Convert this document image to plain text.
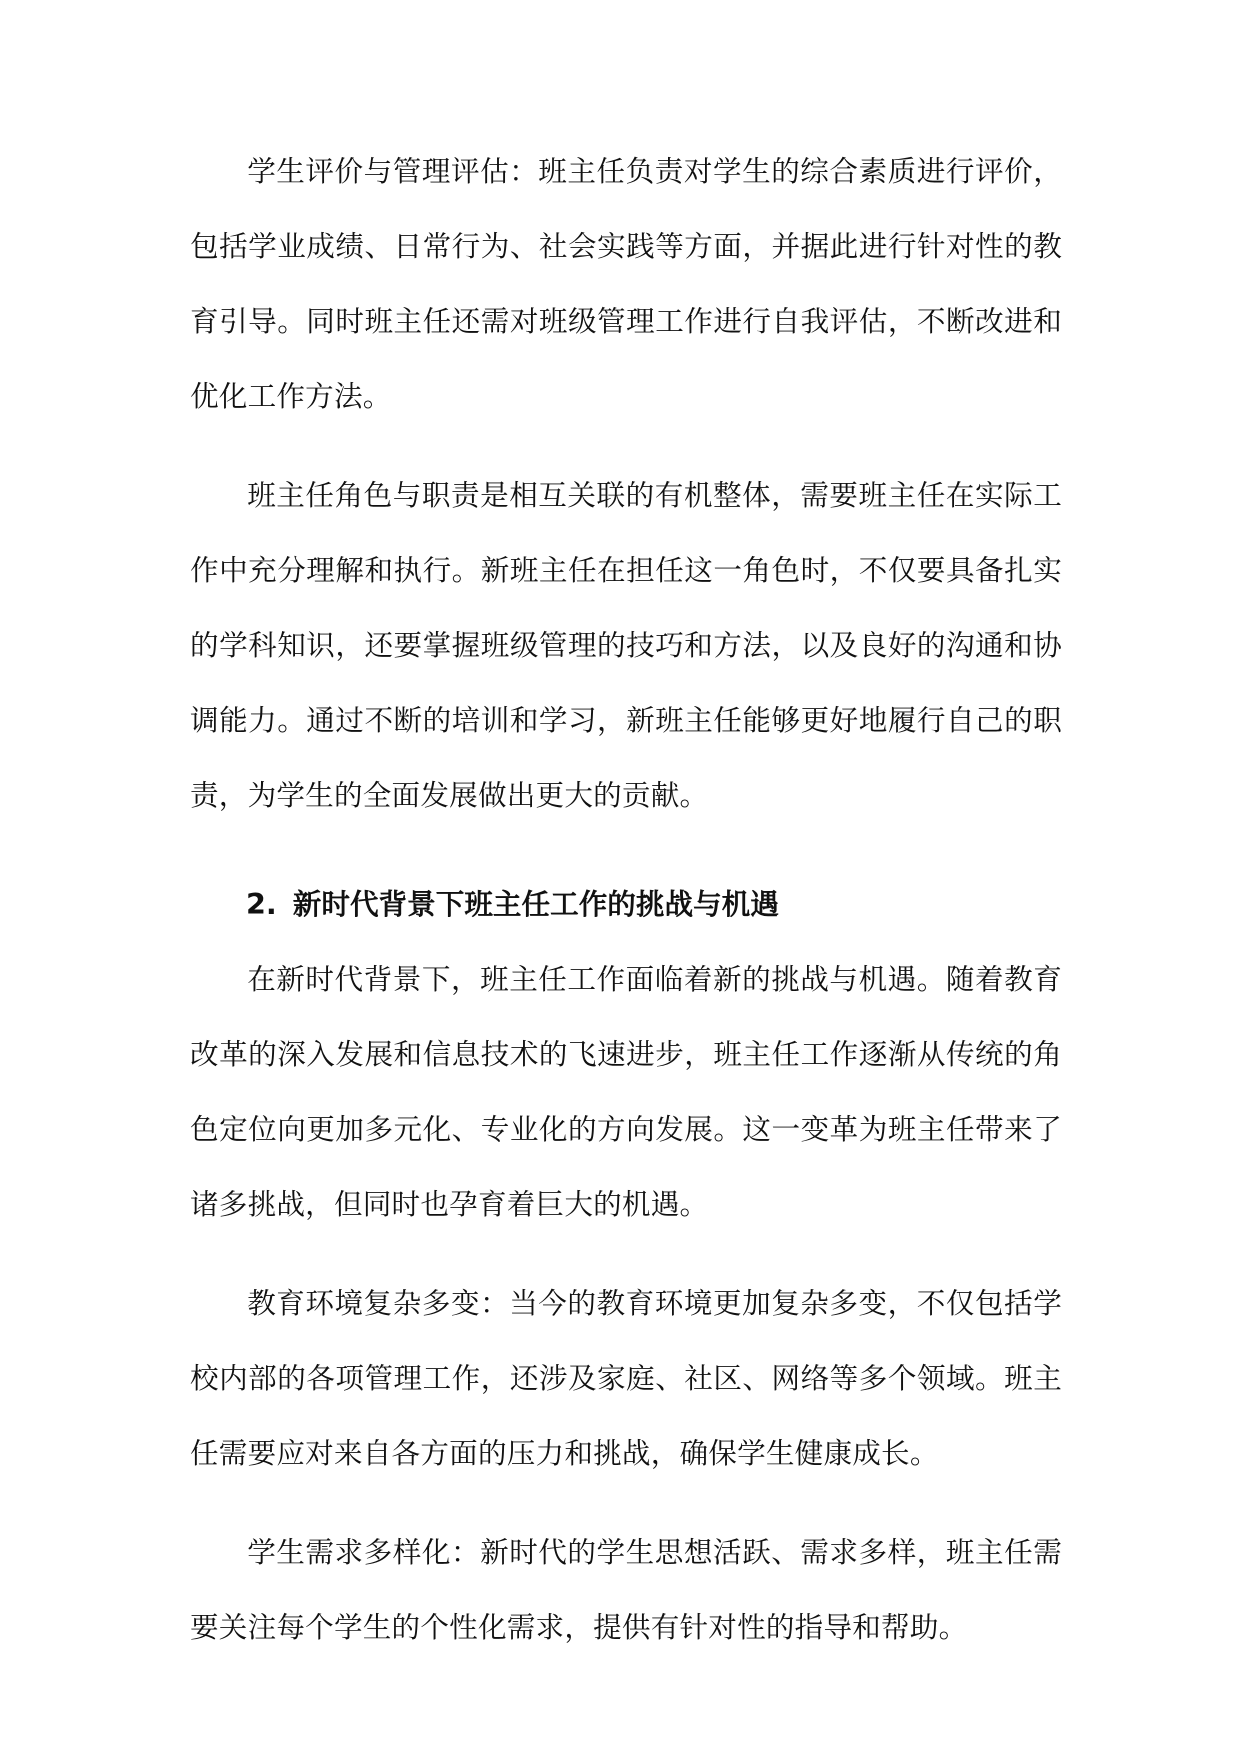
学生评价与管理评估：班主任负责对学生的综合素质进行评价，包括学业成绩、日常行为、社会实践等方面，并据此进行针对性的教育引导。同时班主任还需对班级管理工作进行自我评估，不断改进和优化工作方法。

班主任角色与职责是相互关联的有机整体，需要班主任在实际工作中充分理解和执行。新班主任在担任这一角色时，不仅要具备扎实的学科知识，还要掌握班级管理的技巧和方法，以及良好的沟通和协调能力。通过不断的培训和学习，新班主任能够更好地履行自己的职责，为学生的全面发展做出更大的贡献。

2. 新时代背景下班主任工作的挑战与机遇

在新时代背景下，班主任工作面临着新的挑战与机遇。随着教育改革的深入发展和信息技术的飞速进步，班主任工作逐渐从传统的角色定位向更加多元化、专业化的方向发展。这一变革为班主任带来了诸多挑战，但同时也孕育着巨大的机遇。

教育环境复杂多变：当今的教育环境更加复杂多变，不仅包括学校内部的各项管理工作，还涉及家庭、社区、网络等多个领域。班主任需要应对来自各方面的压力和挑战，确保学生健康成长。

学生需求多样化：新时代的学生思想活跃、需求多样，班主任需要关注每个学生的个性化需求，提供有针对性的指导和帮助。
